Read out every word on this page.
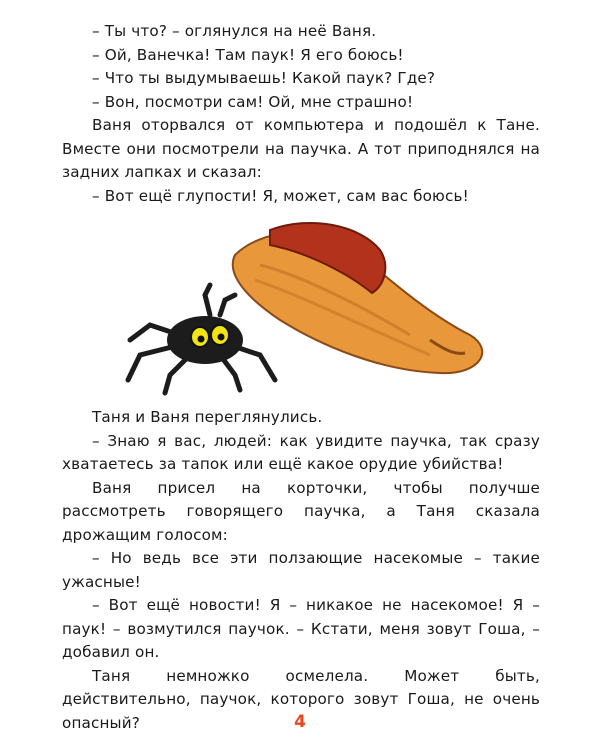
– Ты что? – оглянулся на неё Ваня.

– Ой, Ванечка! Там паук! Я его боюсь!

– Что ты выдумываешь! Какой паук? Где?

– Вон, посмотри сам! Ой, мне страшно!

Ваня оторвался от компьютера и подошёл к Тане. Вместе они посмотрели на паучка. А тот приподнялся на задних лапках и сказал:

– Вот ещё глупости! Я, может, сам вас боюсь!

Таня и Ваня переглянулись.

– Знаю я вас, людей: как увидите паучка, так сразу хватаетесь за тапок или ещё какое орудие убийства!

Ваня присел на корточки, чтобы получше рассмотреть говорящего паучка, а Таня сказала дрожащим голосом:

– Но ведь все эти ползающие насекомые – такие ужасные!

– Вот ещё новости! Я – никакое не насекомое! Я – паук! – возмутился паучок. – Кстати, меня зовут Гоша, – добавил он.

Таня немножко осмелела. Может быть, действительно, паучок, которого зовут Гоша, не очень опасный?	4
